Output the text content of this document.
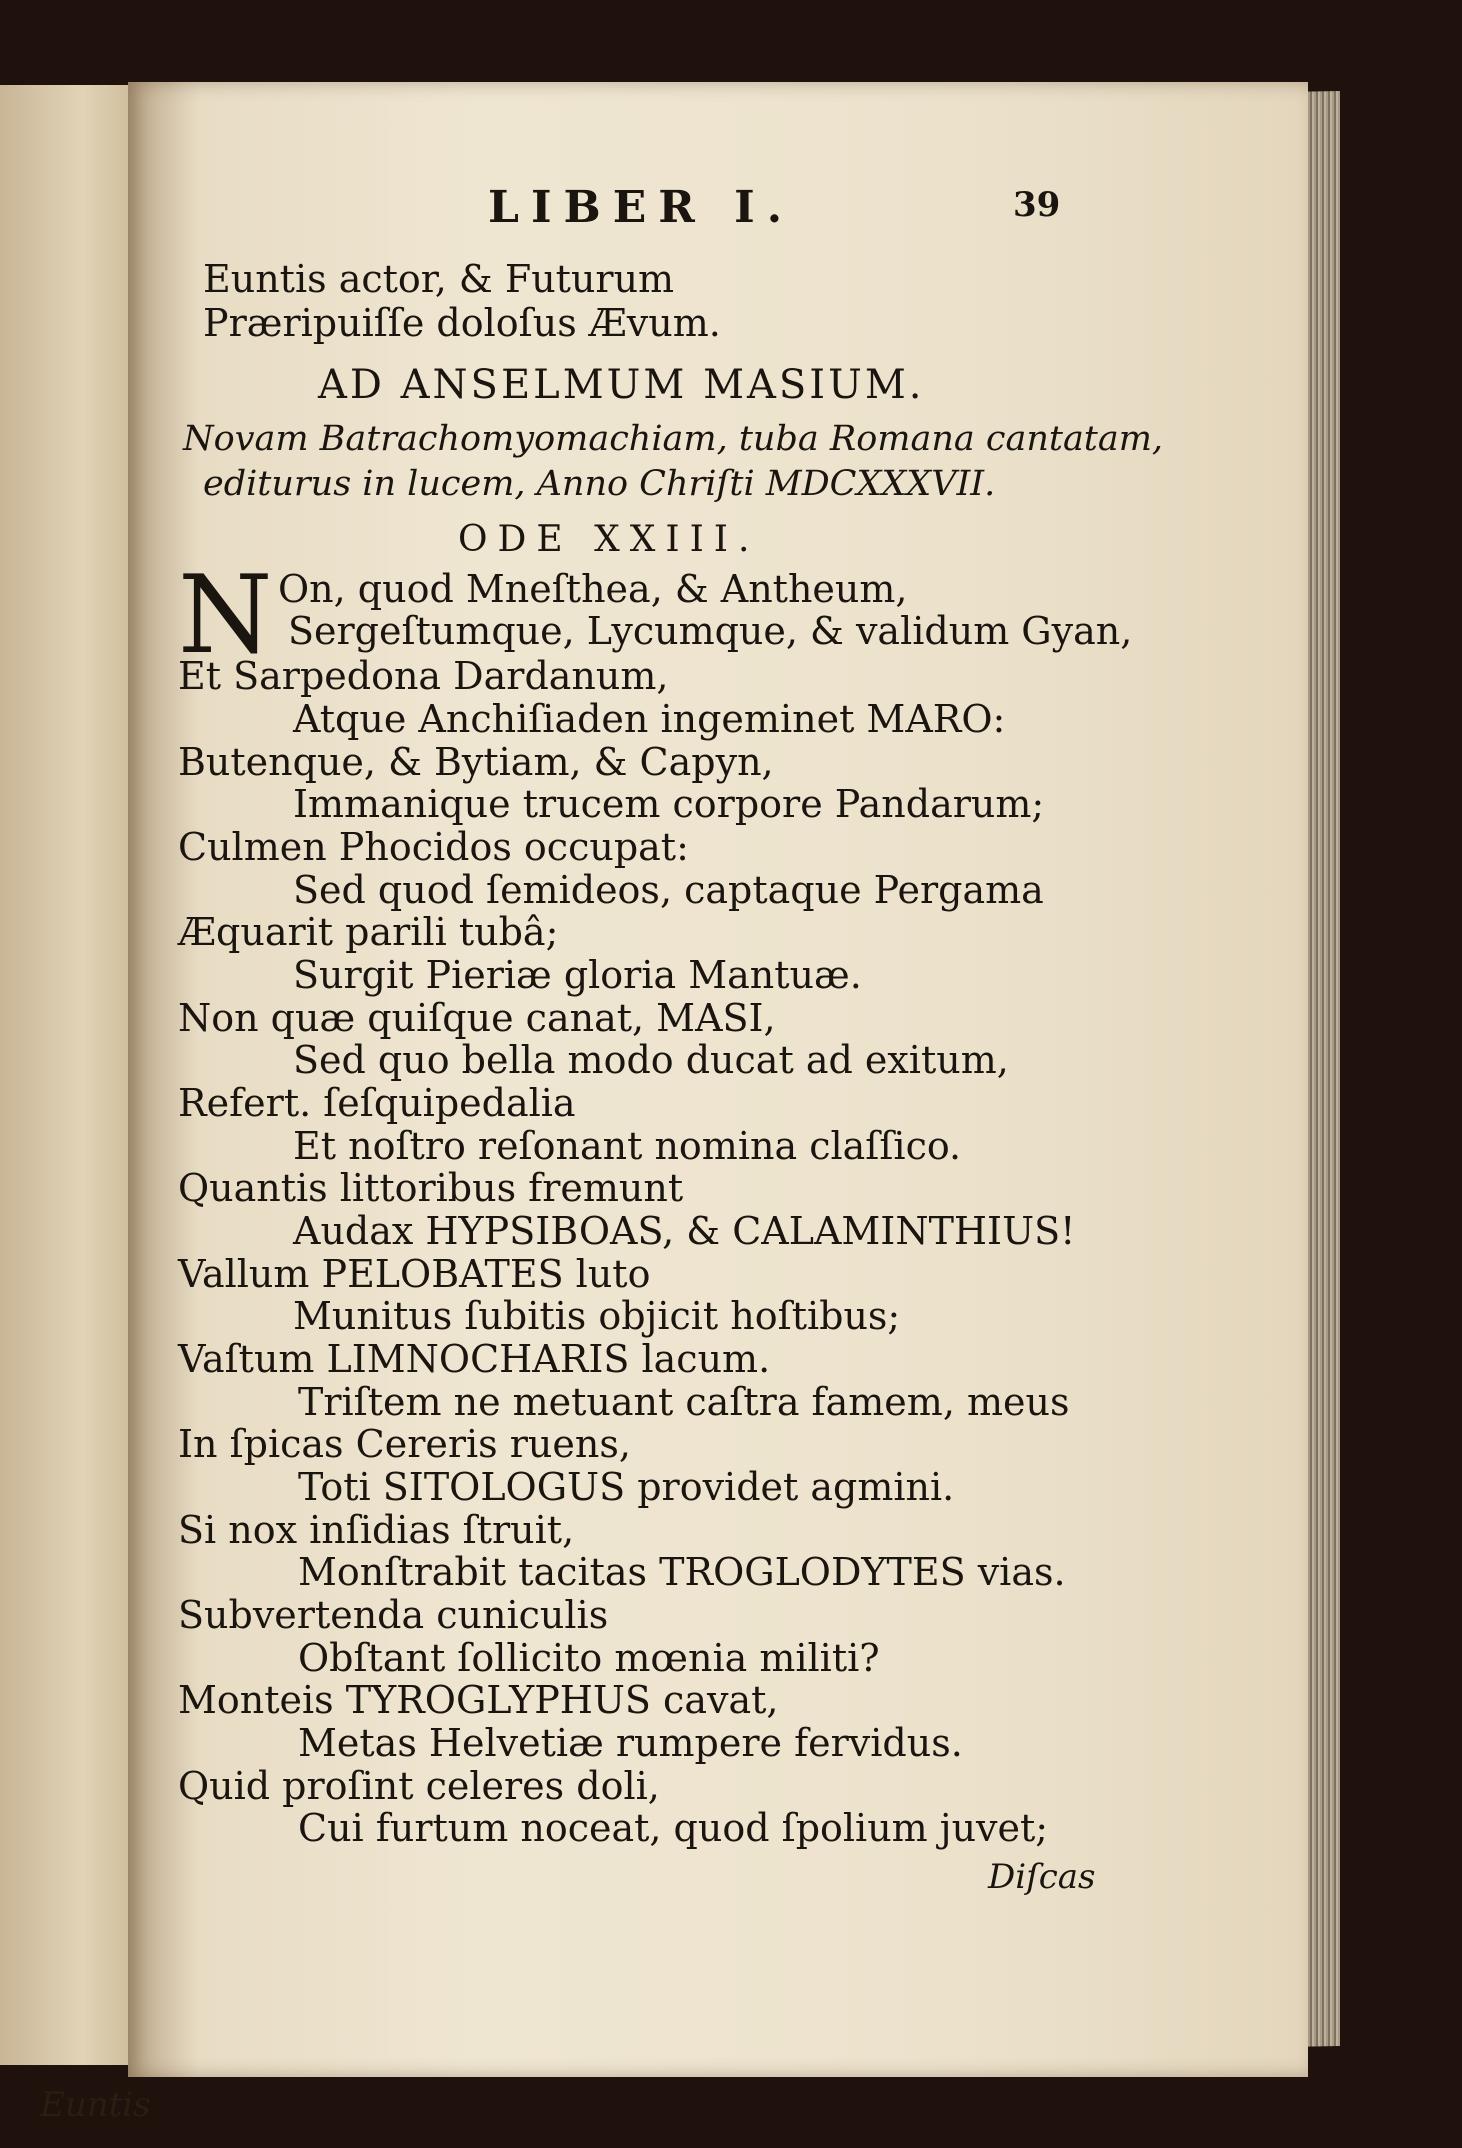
Euntis
LIBER I.	39
Euntis actor, & Futurum
Præripuiſſe doloſus Ævum.
AD ANSELMUM MASIUM.
Novam Batrachomyomachiam, tuba Romana cantatam,
editurus in lucem, Anno Chriſti MDCXXXVII.
ODE XXIII.
N On, quod Mneſthea, & Antheum,
Sergeſtumque, Lycumque, & validum Gyan,
Et Sarpedona Dardanum,
Atque Anchiſiaden ingeminet MARO:
Butenque, & Bytiam, & Capyn,
Immanique trucem corpore Pandarum;
Culmen Phocidos occupat:
Sed quod ſemideos, captaque Pergama
Æquarit parili tubâ;
Surgit Pieriæ gloria Mantuæ.
Non quæ quiſque canat, MASI,
Sed quo bella modo ducat ad exitum,
Refert. ſeſquipedalia
Et noſtro reſonant nomina claſſico.
Quantis littoribus fremunt
Audax HYPSIBOAS, & CALAMINTHIUS!
Vallum PELOBATES luto
Munitus ſubitis objicit hoſtibus;
Vaſtum LIMNOCHARIS lacum.
Triſtem ne metuant caſtra famem, meus
In ſpicas Cereris ruens,
Toti SITOLOGUS providet agmini.
Si nox inſidias ſtruit,
Monſtrabit tacitas TROGLODYTES vias.
Subvertenda cuniculis
Obſtant ſollicito mœnia militi?
Monteis TYROGLYPHUS cavat,
Metas Helvetiæ rumpere fervidus.
Quid proſint celeres doli,
Cui furtum noceat, quod ſpolium juvet;
Diſcas
